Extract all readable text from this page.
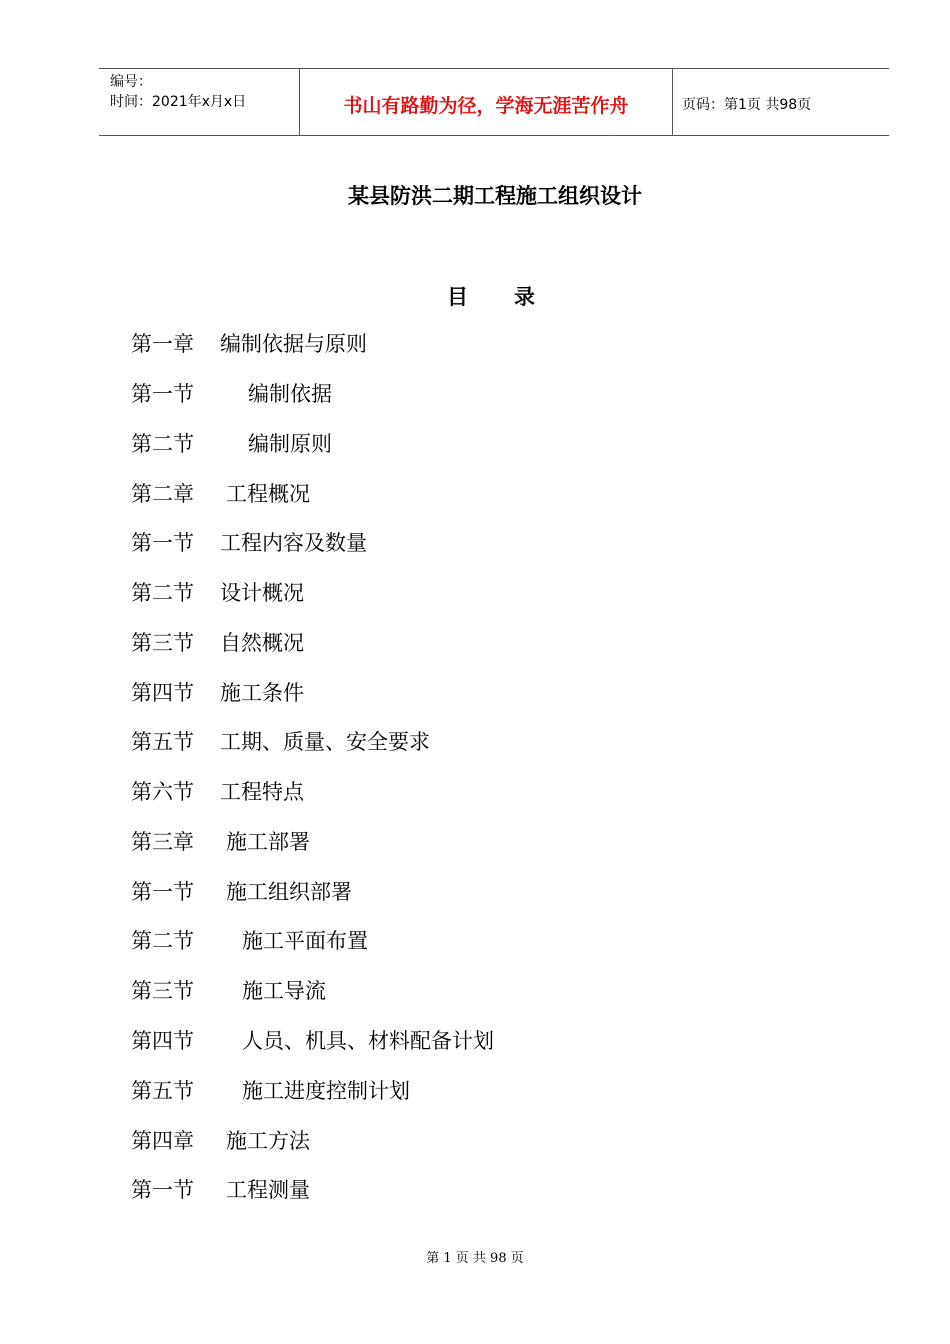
编号：
时间：2021年x月x日	书山有路勤为径，学海无涯苦作舟	页码：第1页 共98页
某县防洪二期工程施工组织设计
目录
第一章 编制依据与原则
第一节	编制依据
第二节	编制原则
第二章 工程概况
第一节 工程内容及数量
第二节 设计概况
第三节 自然概况
第四节 施工条件
第五节 工期、质量、安全要求
第六节 工程特点
第三章 施工部署
第一节 施工组织部署
第二节 施工平面布置
第三节 施工导流
第四节 人员、机具、材料配备计划
第五节 施工进度控制计划
第四章 施工方法
第一节 工程测量
第 1 页 共 98 页
